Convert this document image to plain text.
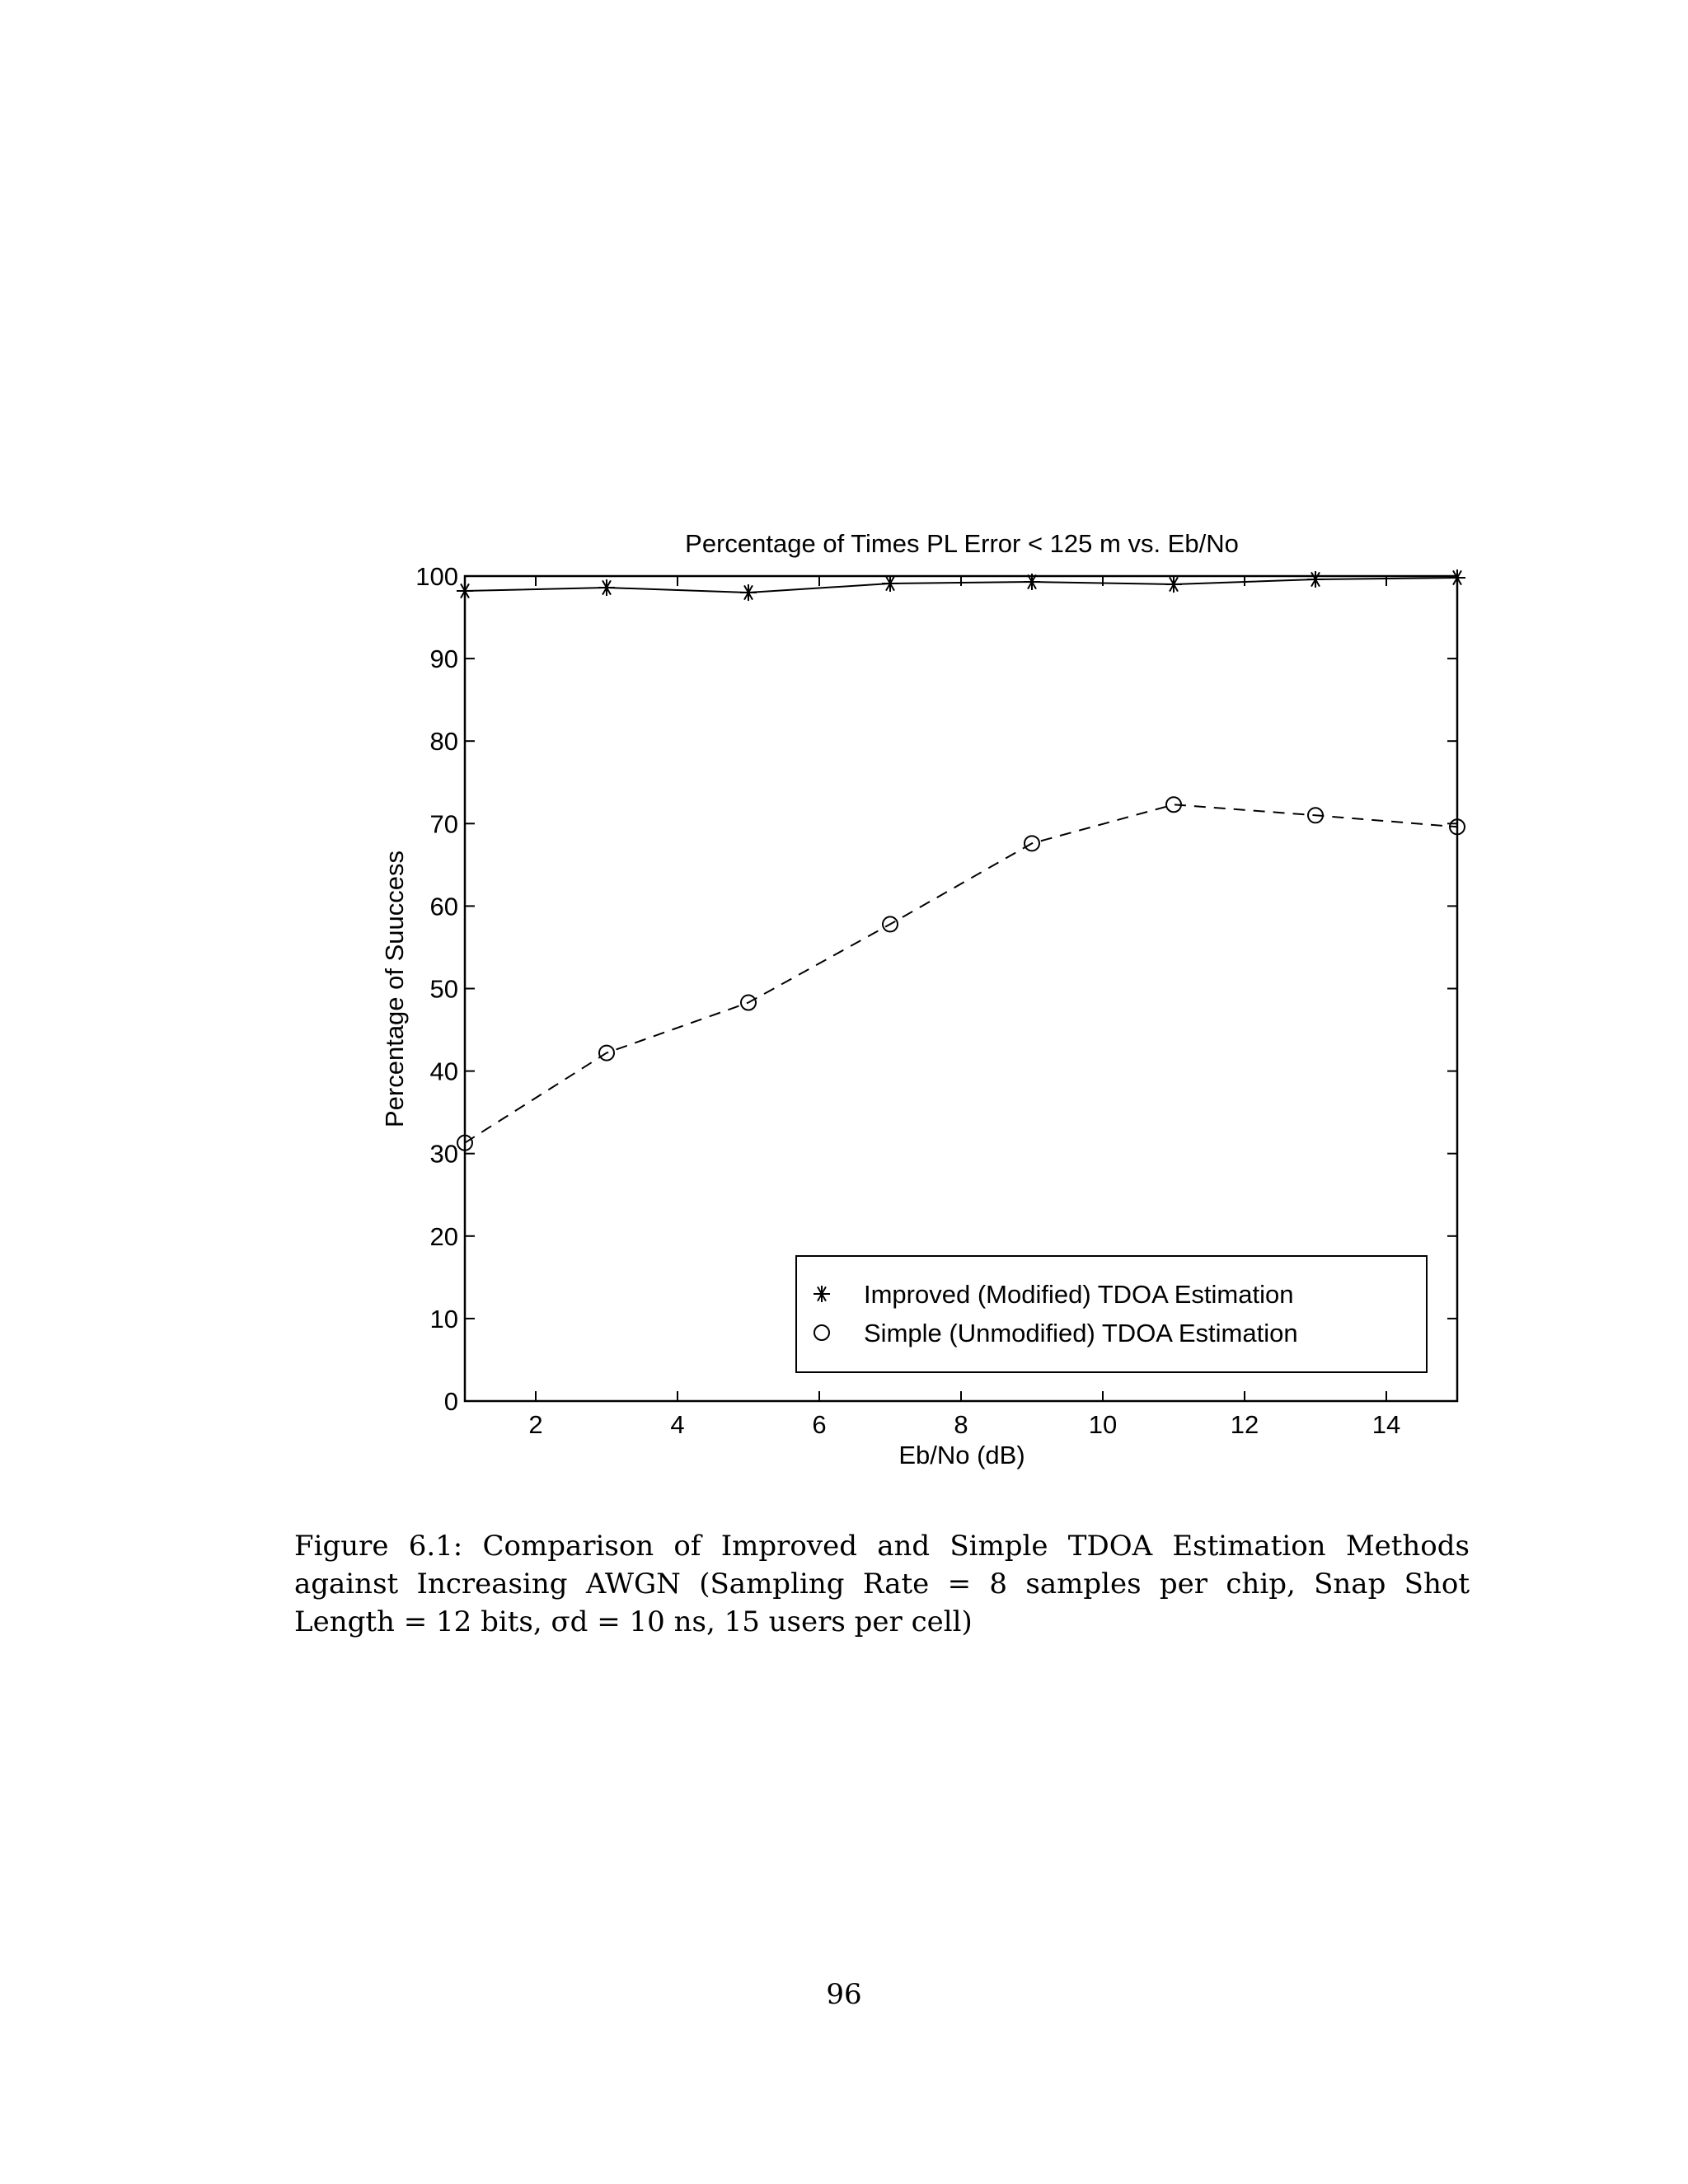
Percentage of Times PL Error < 125 m vs. Eb/No
2	4	6	8	10	12	14
0
10
20
30
40
50
60
70
80
90
100
Eb/No (dB)
Percentage of Suuccess
Improved (Modified) TDOA Estimation
Simple (Unmodified) TDOA Estimation
Figure 6.1: Comparison of Improved and Simple TDOA Estimation Methods against Increasing AWGN (Sampling Rate = 8 samples per chip, Snap Shot Length = 12 bits, σd = 10 ns, 15 users per cell)
96
